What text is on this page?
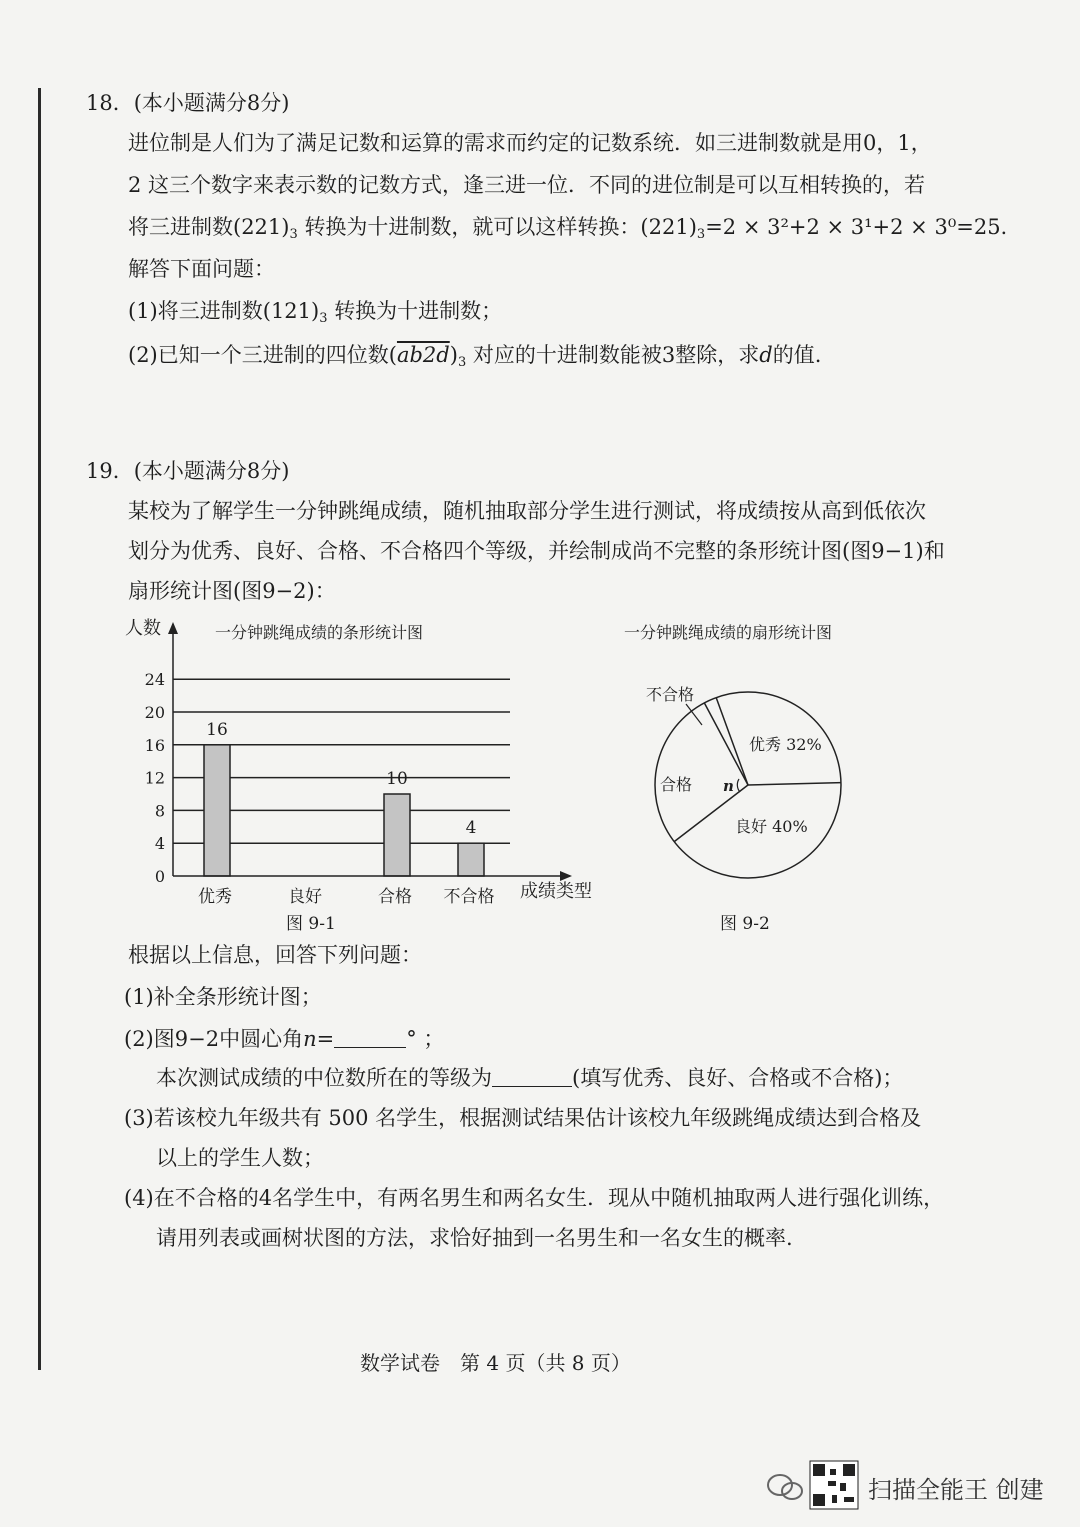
18．(本小题满分8分)
进位制是人们为了满足记数和运算的需求而约定的记数系统．如三进制数就是用0，1，
2 这三个数字来表示数的记数方式，逢三进一位．不同的进位制是可以互相转换的，若
将三进制数$(221)_3$ 转换为十进制数，就可以这样转换：$(221)_3=2 \times 3^2+2 \times 3^1+2 \times 3^0=25$.
解答下面问题：
(1)将三进制数$(121)_3$ 转换为十进制数；
(2)已知一个三进制的四位数$(ab2d)_3$ 对应的十进制数能被3整除，求d的值.
19．(本小题满分8分)
某校为了解学生一分钟跳绳成绩，随机抽取部分学生进行测试，将成绩按从高到低依次
划分为优秀、良好、合格、不合格四个等级，并绘制成尚不完整的条形统计图(图9−1)和
扇形统计图(图9−2)：
人数	一分钟跳绳成绩的条形统计图
成绩类型
图 9-1
0
4
8
12
16
20
24
16
优秀	良好
10
合格
4
不合格
一分钟跳绳成绩的扇形统计图
图 9-2
优秀 32%
良好 40%
合格
不合格
n
根据以上信息，回答下列问题：
(1)补全条形统计图；
(2)图9−2中圆心角n=	° ；
本次测试成绩的中位数所在的等级为	(填写优秀、良好、合格或不合格)；
(3)若该校九年级共有 500 名学生，根据测试结果估计该校九年级跳绳成绩达到合格及
以上的学生人数；
(4)在不合格的4名学生中，有两名男生和两名女生．现从中随机抽取两人进行强化训练，
请用列表或画树状图的方法，求恰好抽到一名男生和一名女生的概率.
数学试卷　第 4 页（共 8 页）
扫描全能王 创建
